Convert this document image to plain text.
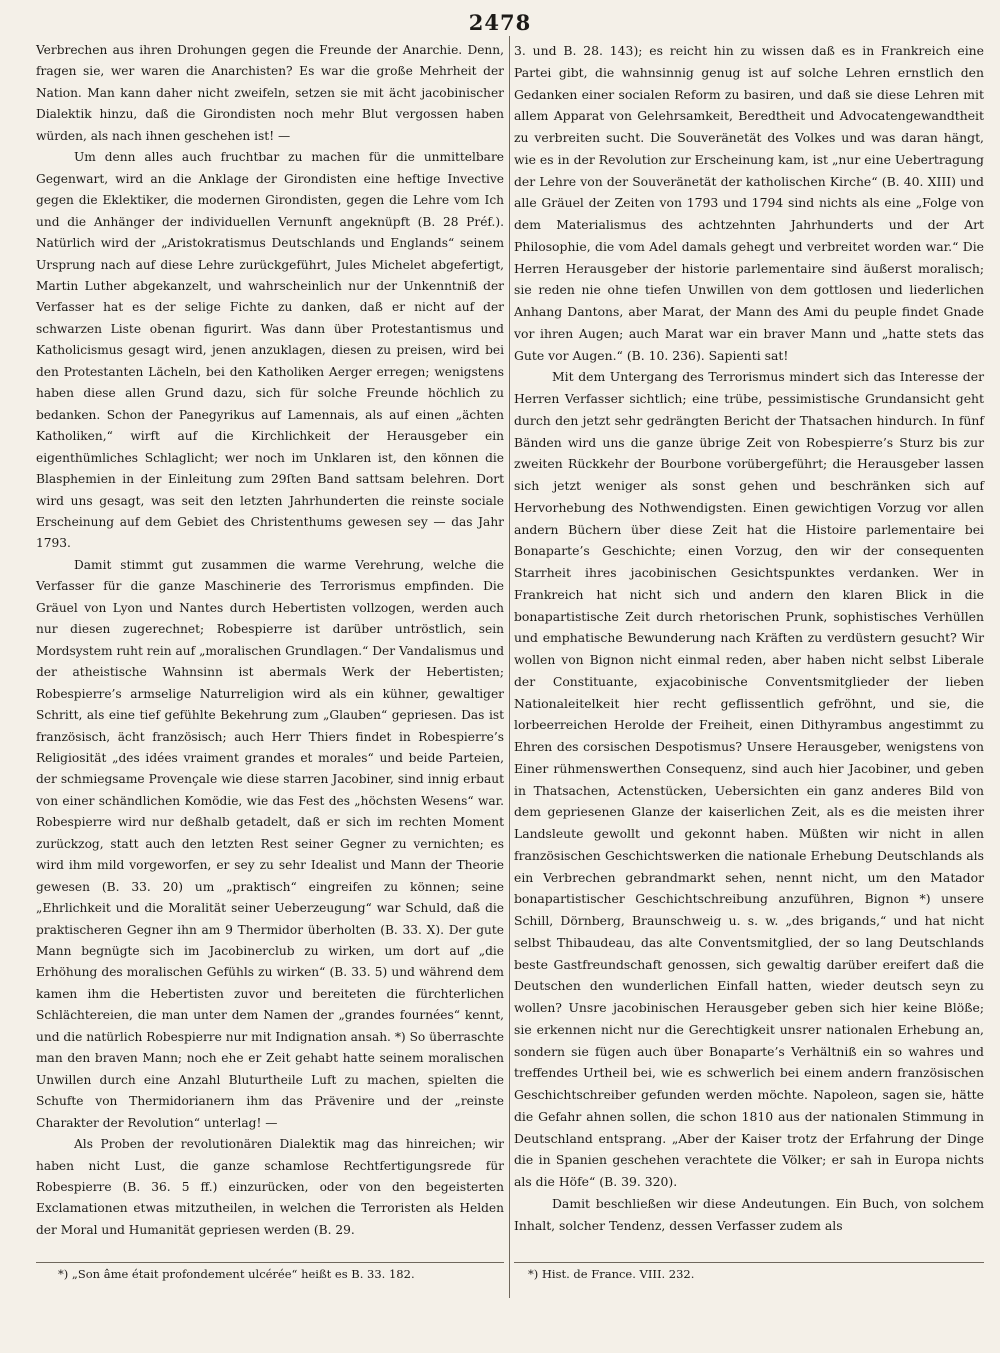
2478

Verbrechen aus ihren Drohungen gegen die Freunde der Anarchie. Denn, fragen sie, wer waren die Anarchisten? Es war die große Mehrheit der Nation. Man kann daher nicht zweifeln, setzen sie mit ächt jacobinischer Dialektik hinzu, daß die Girondisten noch mehr Blut vergossen haben würden, als nach ihnen geschehen ist! —

Um denn alles auch fruchtbar zu machen für die unmittelbare Gegenwart, wird an die Anklage der Girondisten eine heftige Invective gegen die Eklektiker, die modernen Girondisten, gegen die Lehre vom Ich und die Anhänger der individuellen Vernunft angeknüpft (B. 28 Préf.). Natürlich wird der „Aristokratismus Deutschlands und Englands“ seinem Ursprung nach auf diese Lehre zurückgeführt, Jules Michelet abgefertigt, Martin Luther abgekanzelt, und wahrscheinlich nur der Unkenntniß der Verfasser hat es der selige Fichte zu danken, daß er nicht auf der schwarzen Liste obenan figurirt. Was dann über Protestantismus und Katholicismus gesagt wird, jenen anzuklagen, diesen zu preisen, wird bei den Protestanten Lächeln, bei den Katholiken Aerger erregen; wenigstens haben diese allen Grund dazu, sich für solche Freunde höchlich zu bedanken. Schon der Panegyrikus auf Lamennais, als auf einen „ächten Katholiken,“ wirft auf die Kirchlichkeit der Herausgeber ein eigenthümliches Schlaglicht; wer noch im Unklaren ist, den können die Blasphemien in der Einleitung zum 29ſten Band sattsam belehren. Dort wird uns gesagt, was seit den letzten Jahrhunderten die reinste sociale Erscheinung auf dem Gebiet des Christenthums gewesen sey — das Jahr 1793.

Damit stimmt gut zusammen die warme Verehrung, welche die Verfasser für die ganze Maschinerie des Terrorismus empfinden. Die Gräuel von Lyon und Nantes durch Hebertisten vollzogen, werden auch nur diesen zugerechnet; Robespierre ist darüber untröstlich, sein Mordsystem ruht rein auf „moralischen Grundlagen.“ Der Vandalismus und der atheistische Wahnsinn ist abermals Werk der Hebertisten; Robespierre’s armselige Naturreligion wird als ein kühner, gewaltiger Schritt, als eine tief gefühlte Bekehrung zum „Glauben“ gepriesen. Das ist französisch, ächt französisch; auch Herr Thiers findet in Robespierre’s Religiosität „des idées vraiment grandes et morales“ und beide Parteien, der schmiegsame Provençale wie diese starren Jacobiner, sind innig erbaut von einer schändlichen Komödie, wie das Fest des „höchsten Wesens“ war. Robespierre wird nur deßhalb getadelt, daß er sich im rechten Moment zurückzog, statt auch den letzten Rest seiner Gegner zu vernichten; es wird ihm mild vorgeworfen, er sey zu sehr Idealist und Mann der Theorie gewesen (B. 33. 20) um „praktisch“ eingreifen zu können; seine „Ehrlichkeit und die Moralität seiner Ueberzeugung“ war Schuld, daß die praktischeren Gegner ihn am 9 Thermidor überholten (B. 33. X). Der gute Mann begnügte sich im Jacobinerclub zu wirken, um dort auf „die Erhöhung des moralischen Gefühls zu wirken“ (B. 33. 5) und während dem kamen ihm die Hebertisten zuvor und bereiteten die fürchterlichen Schlächtereien, die man unter dem Namen der „grandes fournées“ kennt, und die natürlich Robespierre nur mit Indignation ansah. *) So überraschte man den braven Mann; noch ehe er Zeit gehabt hatte seinem moralischen Unwillen durch eine Anzahl Bluturtheile Luft zu machen, spielten die Schufte von Thermidorianern ihm das Prävenire und der „reinste Charakter der Revolution“ unterlag! —

Als Proben der revolutionären Dialektik mag das hinreichen; wir haben nicht Lust, die ganze schamlose Rechtfertigungsrede für Robespierre (B. 36. 5 ff.) einzurücken, oder von den begeisterten Exclamationen etwas mitzutheilen, in welchen die Terroristen als Helden der Moral und Humanität gepriesen werden (B. 29.

3. und B. 28. 143); es reicht hin zu wissen daß es in Frankreich eine Partei gibt, die wahnsinnig genug ist auf solche Lehren ernstlich den Gedanken einer socialen Reform zu basiren, und daß sie diese Lehren mit allem Apparat von Gelehrsamkeit, Beredtheit und Advocatengewandtheit zu verbreiten sucht. Die Souveränetät des Volkes und was daran hängt, wie es in der Revolution zur Erscheinung kam, ist „nur eine Uebertragung der Lehre von der Souveränetät der katholischen Kirche“ (B. 40. XIII) und alle Gräuel der Zeiten von 1793 und 1794 sind nichts als eine „Folge von dem Materialismus des achtzehnten Jahrhunderts und der Art Philosophie, die vom Adel damals gehegt und verbreitet worden war.“ Die Herren Herausgeber der historie parlementaire sind äußerst moralisch; sie reden nie ohne tiefen Unwillen von dem gottlosen und liederlichen Anhang Dantons, aber Marat, der Mann des Ami du peuple findet Gnade vor ihren Augen; auch Marat war ein braver Mann und „hatte stets das Gute vor Augen.“ (B. 10. 236). Sapienti sat!

Mit dem Untergang des Terrorismus mindert sich das Interesse der Herren Verfasser sichtlich; eine trübe, pessimistische Grundansicht geht durch den jetzt sehr gedrängten Bericht der Thatsachen hindurch. In fünf Bänden wird uns die ganze übrige Zeit von Robespierre’s Sturz bis zur zweiten Rückkehr der Bourbone vorübergeführt; die Herausgeber lassen sich jetzt weniger als sonst gehen und beschränken sich auf Hervorhebung des Nothwendigsten. Einen gewichtigen Vorzug vor allen andern Büchern über diese Zeit hat die Histoire parlementaire bei Bonaparte’s Geschichte; einen Vorzug, den wir der consequenten Starrheit ihres jacobinischen Gesichtspunktes verdanken. Wer in Frankreich hat nicht sich und andern den klaren Blick in die bonapartistische Zeit durch rhetorischen Prunk, sophistisches Verhüllen und emphatische Bewunderung nach Kräften zu verdüstern gesucht? Wir wollen von Bignon nicht einmal reden, aber haben nicht selbst Liberale der Constituante, exjacobinische Conventsmitglieder der lieben Nationaleitelkeit hier recht geflissentlich gefröhnt, und sie, die lorbeerreichen Herolde der Freiheit, einen Dithyrambus angestimmt zu Ehren des corsischen Despotismus? Unsere Herausgeber, wenigstens von Einer rühmenswerthen Consequenz, sind auch hier Jacobiner, und geben in Thatsachen, Actenstücken, Uebersichten ein ganz anderes Bild von dem gepriesenen Glanze der kaiserlichen Zeit, als es die meisten ihrer Landsleute gewollt und gekonnt haben. Müßten wir nicht in allen französischen Geschichtswerken die nationale Erhebung Deutschlands als ein Verbrechen gebrandmarkt sehen, nennt nicht, um den Matador bonapartistischer Geschichtschreibung anzuführen, Bignon *) unsere Schill, Dörnberg, Braunschweig u. s. w. „des brigands,“ und hat nicht selbst Thibaudeau, das alte Conventsmitglied, der so lang Deutschlands beste Gastfreundschaft genossen, sich gewaltig darüber ereifert daß die Deutschen den wunderlichen Einfall hatten, wieder deutsch seyn zu wollen? Unsre jacobinischen Herausgeber geben sich hier keine Blöße; sie erkennen nicht nur die Gerechtigkeit unsrer nationalen Erhebung an, sondern sie fügen auch über Bonaparte’s Verhältniß ein so wahres und treffendes Urtheil bei, wie es schwerlich bei einem andern französischen Geschichtschreiber gefunden werden möchte. Napoleon, sagen sie, hätte die Gefahr ahnen sollen, die schon 1810 aus der nationalen Stimmung in Deutschland entsprang. „Aber der Kaiser trotz der Erfahrung der Dinge die in Spanien geschehen verachtete die Völker; er sah in Europa nichts als die Höfe“ (B. 39. 320).

Damit beschließen wir diese Andeutungen. Ein Buch, von solchem Inhalt, solcher Tendenz, dessen Verfasser zudem als

*) „Son âme était profondement ulcérée“ heißt es B. 33. 182.	*) Hist. de France. VIII. 232.
